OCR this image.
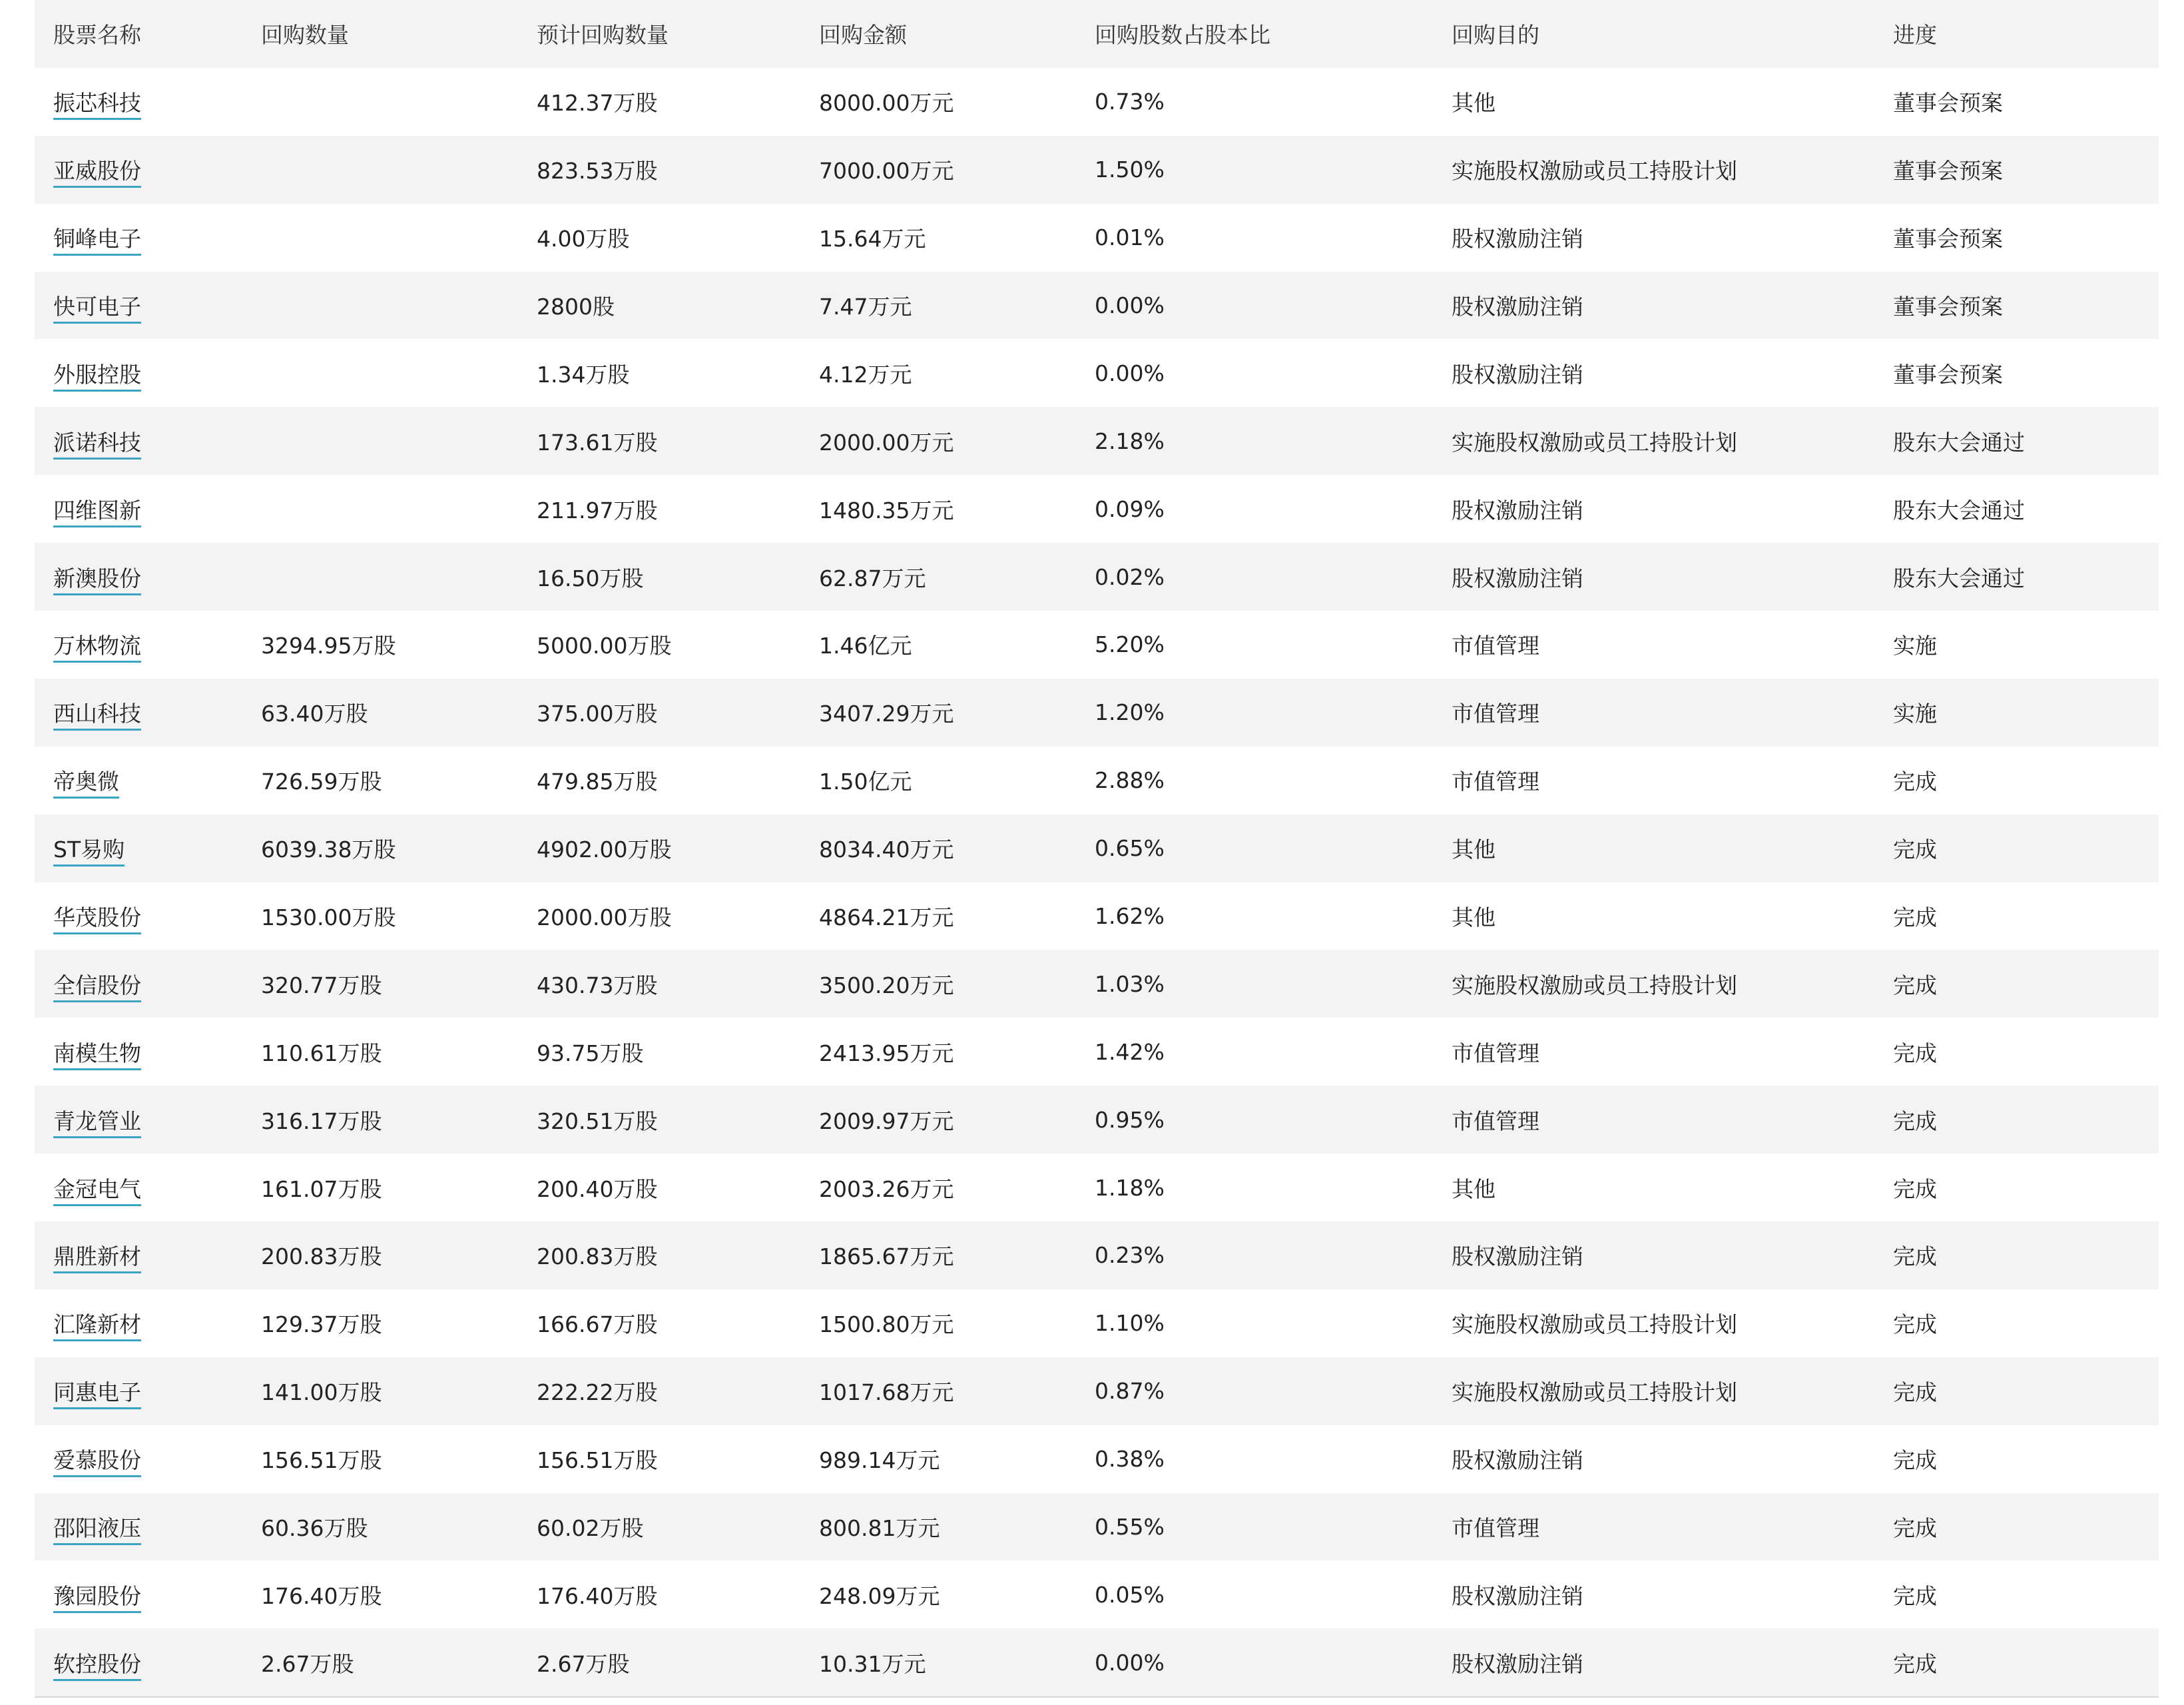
股票名称	回购数量	预计回购数量	回购金额	回购股数占股本比	回购目的	进度
振芯科技		412.37万股	8000.00万元	0.73%	其他	董事会预案
亚威股份		823.53万股	7000.00万元	1.50%	实施股权激励或员工持股计划	董事会预案
铜峰电子		4.00万股	15.64万元	0.01%	股权激励注销	董事会预案
快可电子		2800股	7.47万元	0.00%	股权激励注销	董事会预案
外服控股		1.34万股	4.12万元	0.00%	股权激励注销	董事会预案
派诺科技		173.61万股	2000.00万元	2.18%	实施股权激励或员工持股计划	股东大会通过
四维图新		211.97万股	1480.35万元	0.09%	股权激励注销	股东大会通过
新澳股份		16.50万股	62.87万元	0.02%	股权激励注销	股东大会通过
万林物流	3294.95万股	5000.00万股	1.46亿元	5.20%	市值管理	实施
西山科技	63.40万股	375.00万股	3407.29万元	1.20%	市值管理	实施
帝奥微	726.59万股	479.85万股	1.50亿元	2.88%	市值管理	完成
ST易购	6039.38万股	4902.00万股	8034.40万元	0.65%	其他	完成
华茂股份	1530.00万股	2000.00万股	4864.21万元	1.62%	其他	完成
全信股份	320.77万股	430.73万股	3500.20万元	1.03%	实施股权激励或员工持股计划	完成
南模生物	110.61万股	93.75万股	2413.95万元	1.42%	市值管理	完成
青龙管业	316.17万股	320.51万股	2009.97万元	0.95%	市值管理	完成
金冠电气	161.07万股	200.40万股	2003.26万元	1.18%	其他	完成
鼎胜新材	200.83万股	200.83万股	1865.67万元	0.23%	股权激励注销	完成
汇隆新材	129.37万股	166.67万股	1500.80万元	1.10%	实施股权激励或员工持股计划	完成
同惠电子	141.00万股	222.22万股	1017.68万元	0.87%	实施股权激励或员工持股计划	完成
爱慕股份	156.51万股	156.51万股	989.14万元	0.38%	股权激励注销	完成
邵阳液压	60.36万股	60.02万股	800.81万元	0.55%	市值管理	完成
豫园股份	176.40万股	176.40万股	248.09万元	0.05%	股权激励注销	完成
软控股份	2.67万股	2.67万股	10.31万元	0.00%	股权激励注销	完成
